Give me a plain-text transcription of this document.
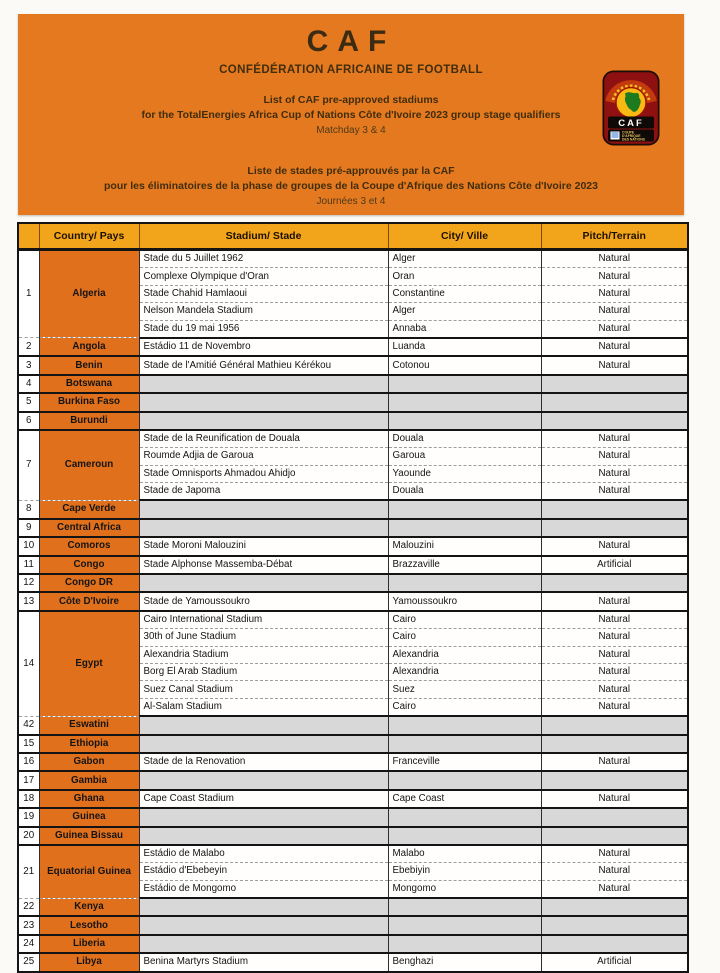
CAF
CONFÉDÉRATION AFRICAINE DE FOOTBALL
List of CAF pre-approved stadiums
for the TotalEnergies Africa Cup of Nations Côte d'Ivoire 2023 group stage qualifiers
Matchday 3 & 4
Liste de stades pré-approuvés par la CAF
pour les éliminatoires de la phase de groupes de la Coupe d'Afrique des Nations Côte d'Ivoire 2023
Journées 3 et 4
CAF
COUPE
D'AFRIQUE
DES NATIONS
	Country/ Pays	Stadium/ Stade	City/ Ville	Pitch/Terrain
1	Algeria	Stade du 5 Juillet 1962	Alger	Natural
		Complexe Olympique d'Oran	Oran	Natural
		Stade Chahid Hamlaoui	Constantine	Natural
		Nelson Mandela Stadium	Alger	Natural
		Stade du 19 mai 1956	Annaba	Natural
2	Angola	Estádio 11 de Novembro	Luanda	Natural
3	Benin	Stade de l'Amitié Général Mathieu Kérékou	Cotonou	Natural
4	Botswana			
5	Burkina Faso			
6	Burundi			
7	Cameroun	Stade de la Reunification de Douala	Douala	Natural
		Roumde Adjia de Garoua	Garoua	Natural
		Stade Omnisports Ahmadou Ahidjo	Yaounde	Natural
		Stade de Japoma	Douala	Natural
8	Cape Verde			
9	Central Africa			
10	Comoros	Stade Moroni Malouzini	Malouzini	Natural
11	Congo	Stade Alphonse Massemba-Débat	Brazzaville	Artificial
12	Congo DR			
13	Côte D'Ivoire	Stade de Yamoussoukro	Yamoussoukro	Natural
14	Egypt	Cairo International Stadium	Cairo	Natural
		30th of June Stadium	Cairo	Natural
		Alexandria Stadium	Alexandria	Natural
		Borg El Arab Stadium	Alexandria	Natural
		Suez Canal Stadium	Suez	Natural
		Al-Salam Stadium	Cairo	Natural
42	Eswatini			
15	Ethiopia			
16	Gabon	Stade de la Renovation	Franceville	Natural
17	Gambia			
18	Ghana	Cape Coast Stadium	Cape Coast	Natural
19	Guinea			
20	Guinea Bissau			
21	Equatorial Guinea	Estádio de Malabo	Malabo	Natural
		Estádio d'Ebebeyin	Ebebiyin	Natural
		Estádio de Mongomo	Mongomo	Natural
22	Kenya			
23	Lesotho			
24	Liberia			
25	Libya	Benina Martyrs Stadium	Benghazi	Artificial
